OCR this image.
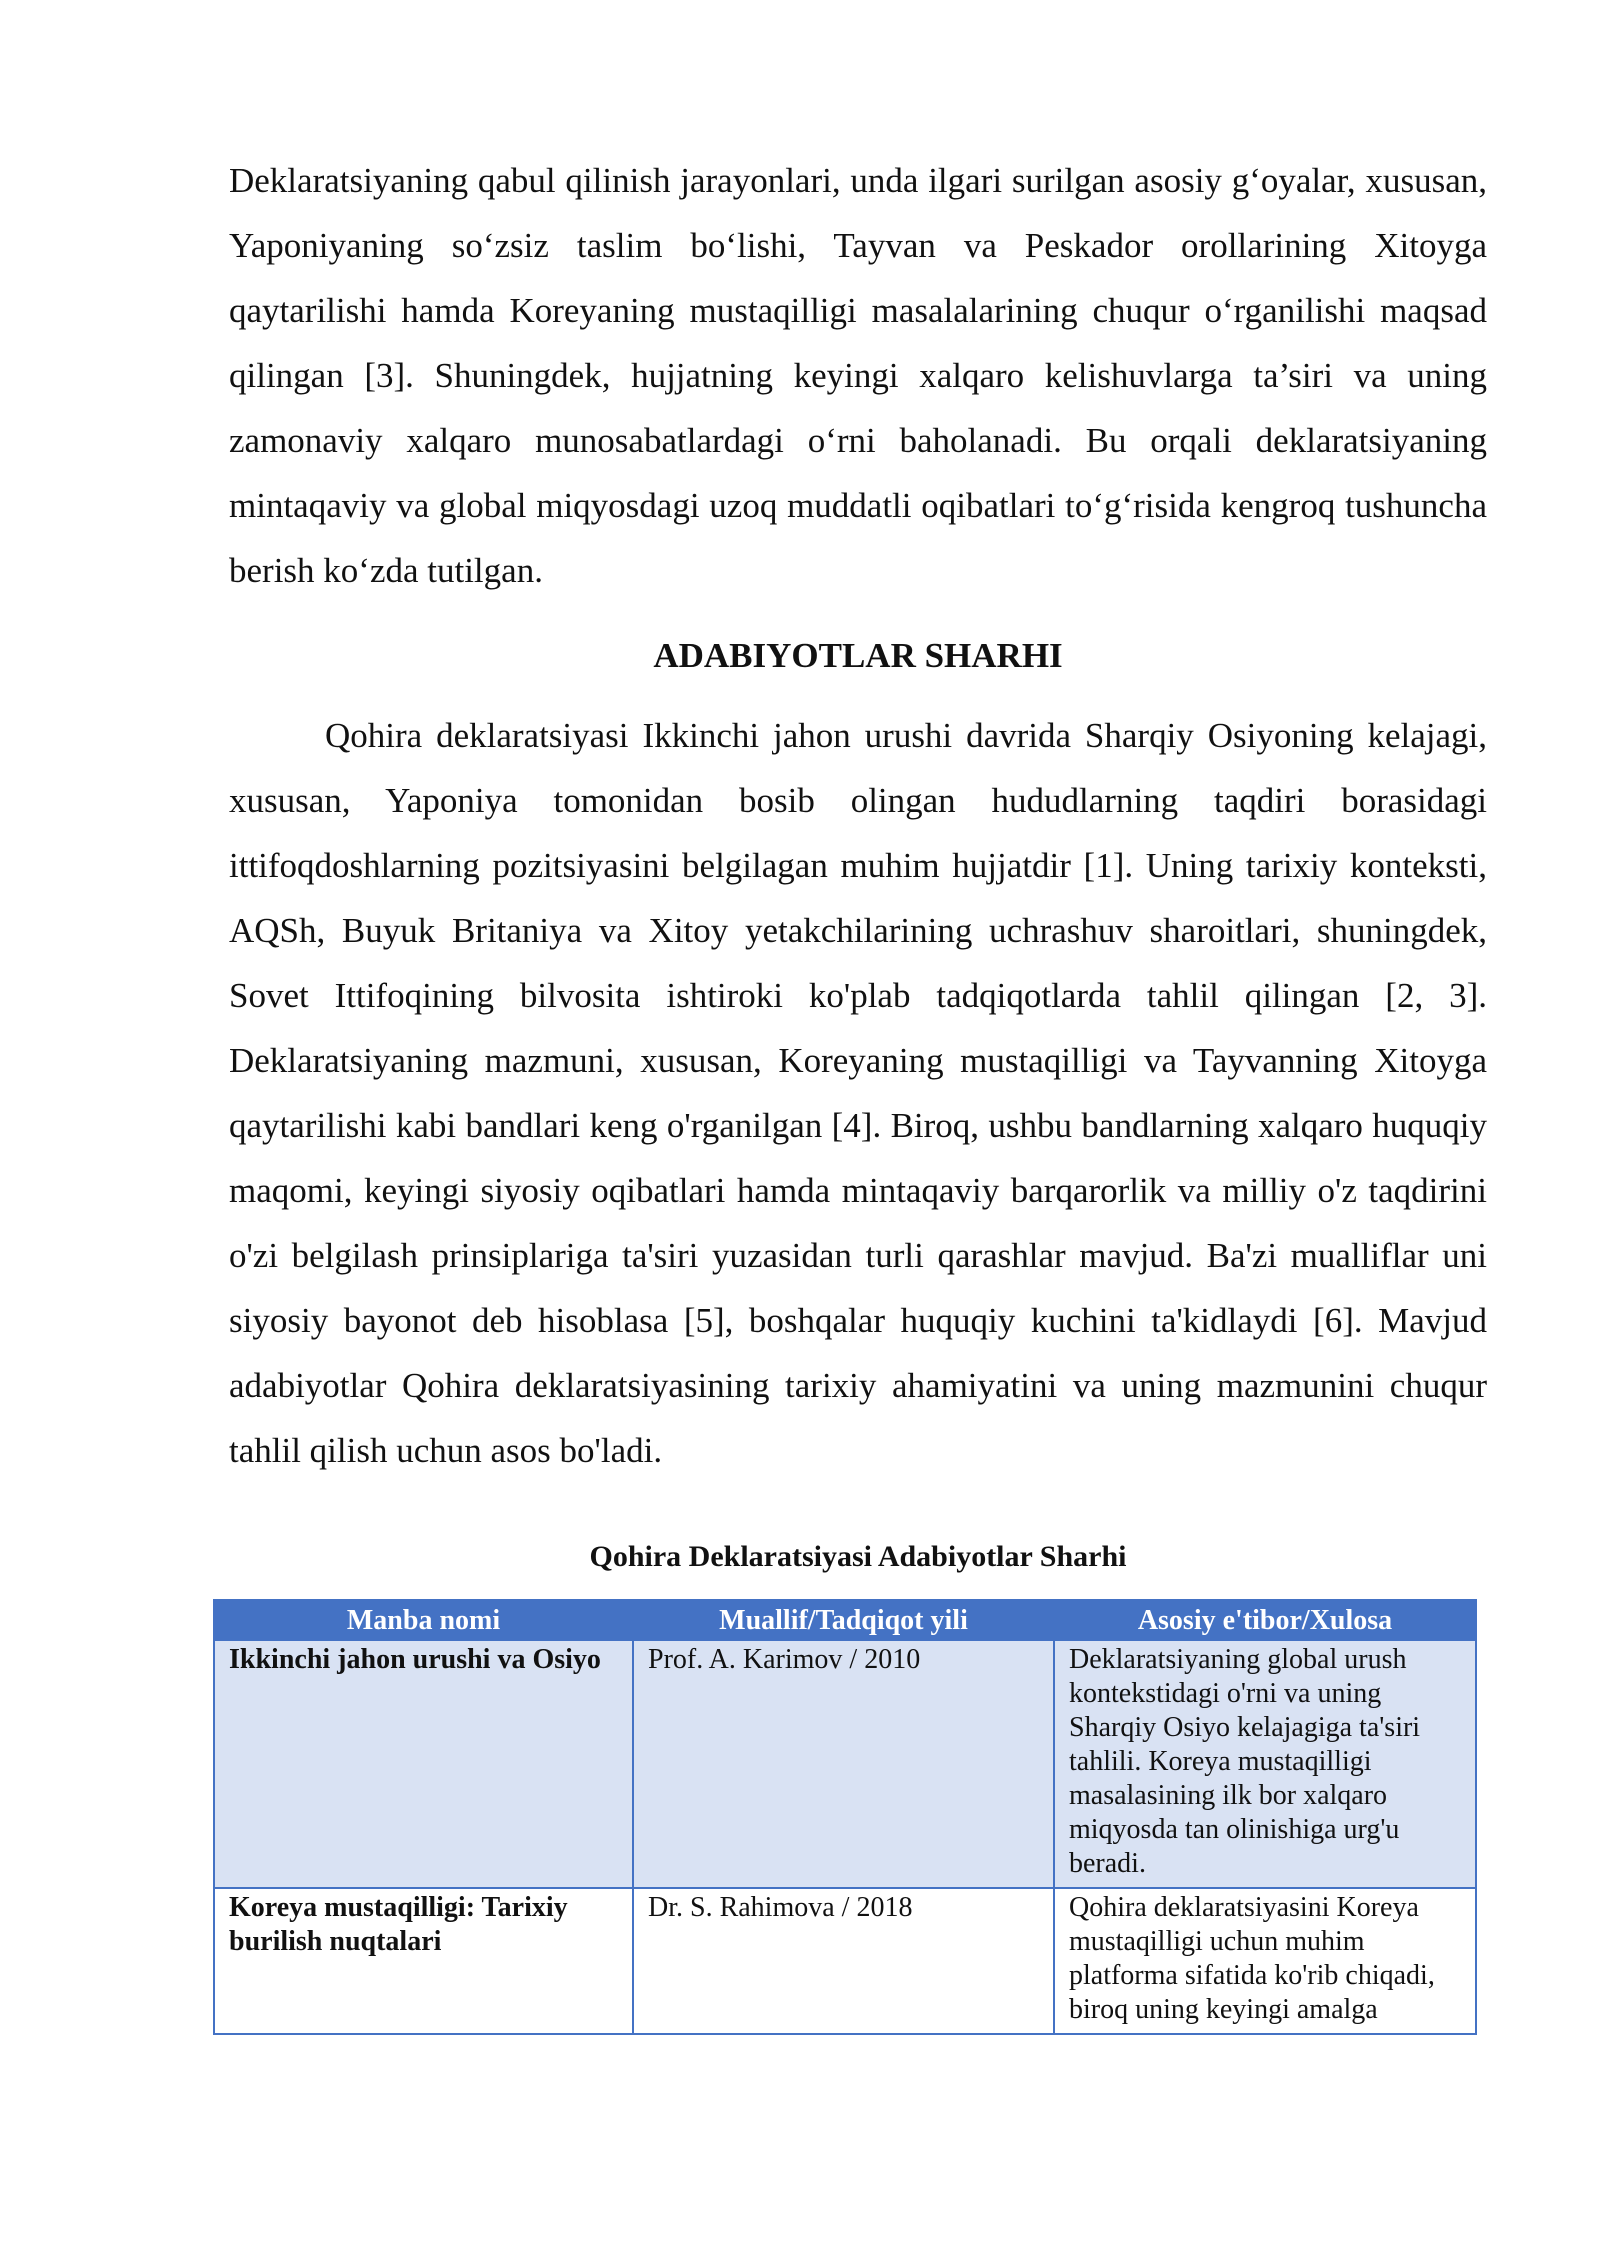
Deklaratsiyaning qabul qilinish jarayonlari, unda ilgari surilgan asosiy g‘oyalar, xususan, Yaponiyaning so‘zsiz taslim bo‘lishi, Tayvan va Peskador orollarining Xitoyga qaytarilishi hamda Koreyaning mustaqilligi masalalarining chuqur o‘rganilishi maqsad qilingan [3]. Shuningdek, hujjatning keyingi xalqaro kelishuvlarga ta’siri va uning zamonaviy xalqaro munosabatlardagi o‘rni baholanadi. Bu orqali deklaratsiyaning mintaqaviy va global miqyosdagi uzoq muddatli oqibatlari to‘g‘risida kengroq tushuncha berish ko‘zda tutilgan.

ADABIYOTLAR SHARHI

Qohira deklaratsiyasi Ikkinchi jahon urushi davrida Sharqiy Osiyoning kelajagi, xususan, Yaponiya tomonidan bosib olingan hududlarning taqdiri borasidagi ittifoqdoshlarning pozitsiyasini belgilagan muhim hujjatdir [1]. Uning tarixiy konteksti, AQSh, Buyuk Britaniya va Xitoy yetakchilarining uchrashuv sharoitlari, shuningdek, Sovet Ittifoqining bilvosita ishtiroki ko'plab tadqiqotlarda tahlil qilingan [2, 3]. Deklaratsiyaning mazmuni, xususan, Koreyaning mustaqilligi va Tayvanning Xitoyga qaytarilishi kabi bandlari keng o'rganilgan [4]. Biroq, ushbu bandlarning xalqaro huquqiy maqomi, keyingi siyosiy oqibatlari hamda mintaqaviy barqarorlik va milliy o'z taqdirini o'zi belgilash prinsiplariga ta'siri yuzasidan turli qarashlar mavjud. Ba'zi mualliflar uni siyosiy bayonot deb hisoblasa [5], boshqalar huquqiy kuchini ta'kidlaydi [6]. Mavjud adabiyotlar Qohira deklaratsiyasining tarixiy ahamiyatini va uning mazmunini chuqur tahlil qilish uchun asos bo'ladi.

Qohira Deklaratsiyasi Adabiyotlar Sharhi
Manba nomi	Muallif/Tadqiqot yili	Asosiy e'tibor/Xulosa
Ikkinchi jahon urushi va Osiyo	Prof. A. Karimov / 2010	Deklaratsiyaning global urush kontekstidagi o'rni va uning Sharqiy Osiyo kelajagiga ta'siri tahlili. Koreya mustaqilligi masalasining ilk bor xalqaro miqyosda tan olinishiga urg'u beradi.
Koreya mustaqilligi: Tarixiy burilish nuqtalari	Dr. S. Rahimova / 2018	Qohira deklaratsiyasini Koreya mustaqilligi uchun muhim platforma sifatida ko'rib chiqadi, biroq uning keyingi amalga
